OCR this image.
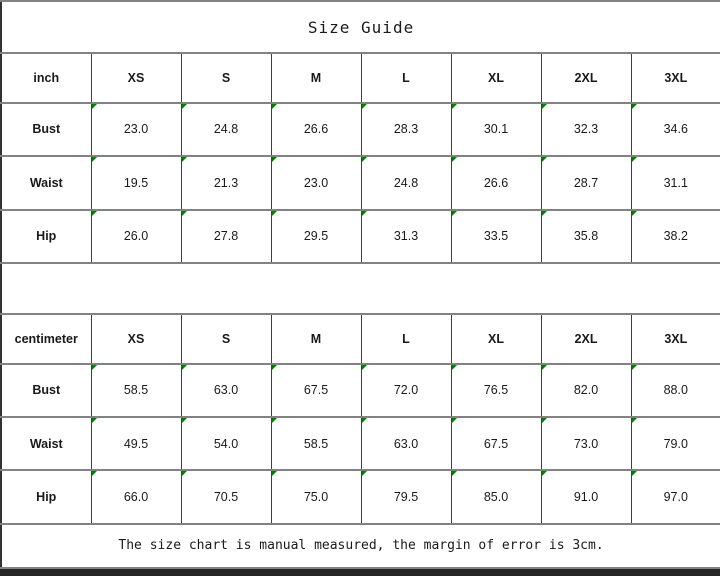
Size Guide							
inch	XS	S	M	L	XL	2XL	3XL
Bust	23.0	24.8	26.6	28.3	30.1	32.3	34.6
Waist	19.5	21.3	23.0	24.8	26.6	28.7	31.1
Hip	26.0	27.8	29.5	31.3	33.5	35.8	38.2

centimeter	XS	S	M	L	XL	2XL	3XL
Bust	58.5	63.0	67.5	72.0	76.5	82.0	88.0
Waist	49.5	54.0	58.5	63.0	67.5	73.0	79.0
Hip	66.0	70.5	75.0	79.5	85.0	91.0	97.0
The size chart is manual measured, the margin of error is 3cm.							
